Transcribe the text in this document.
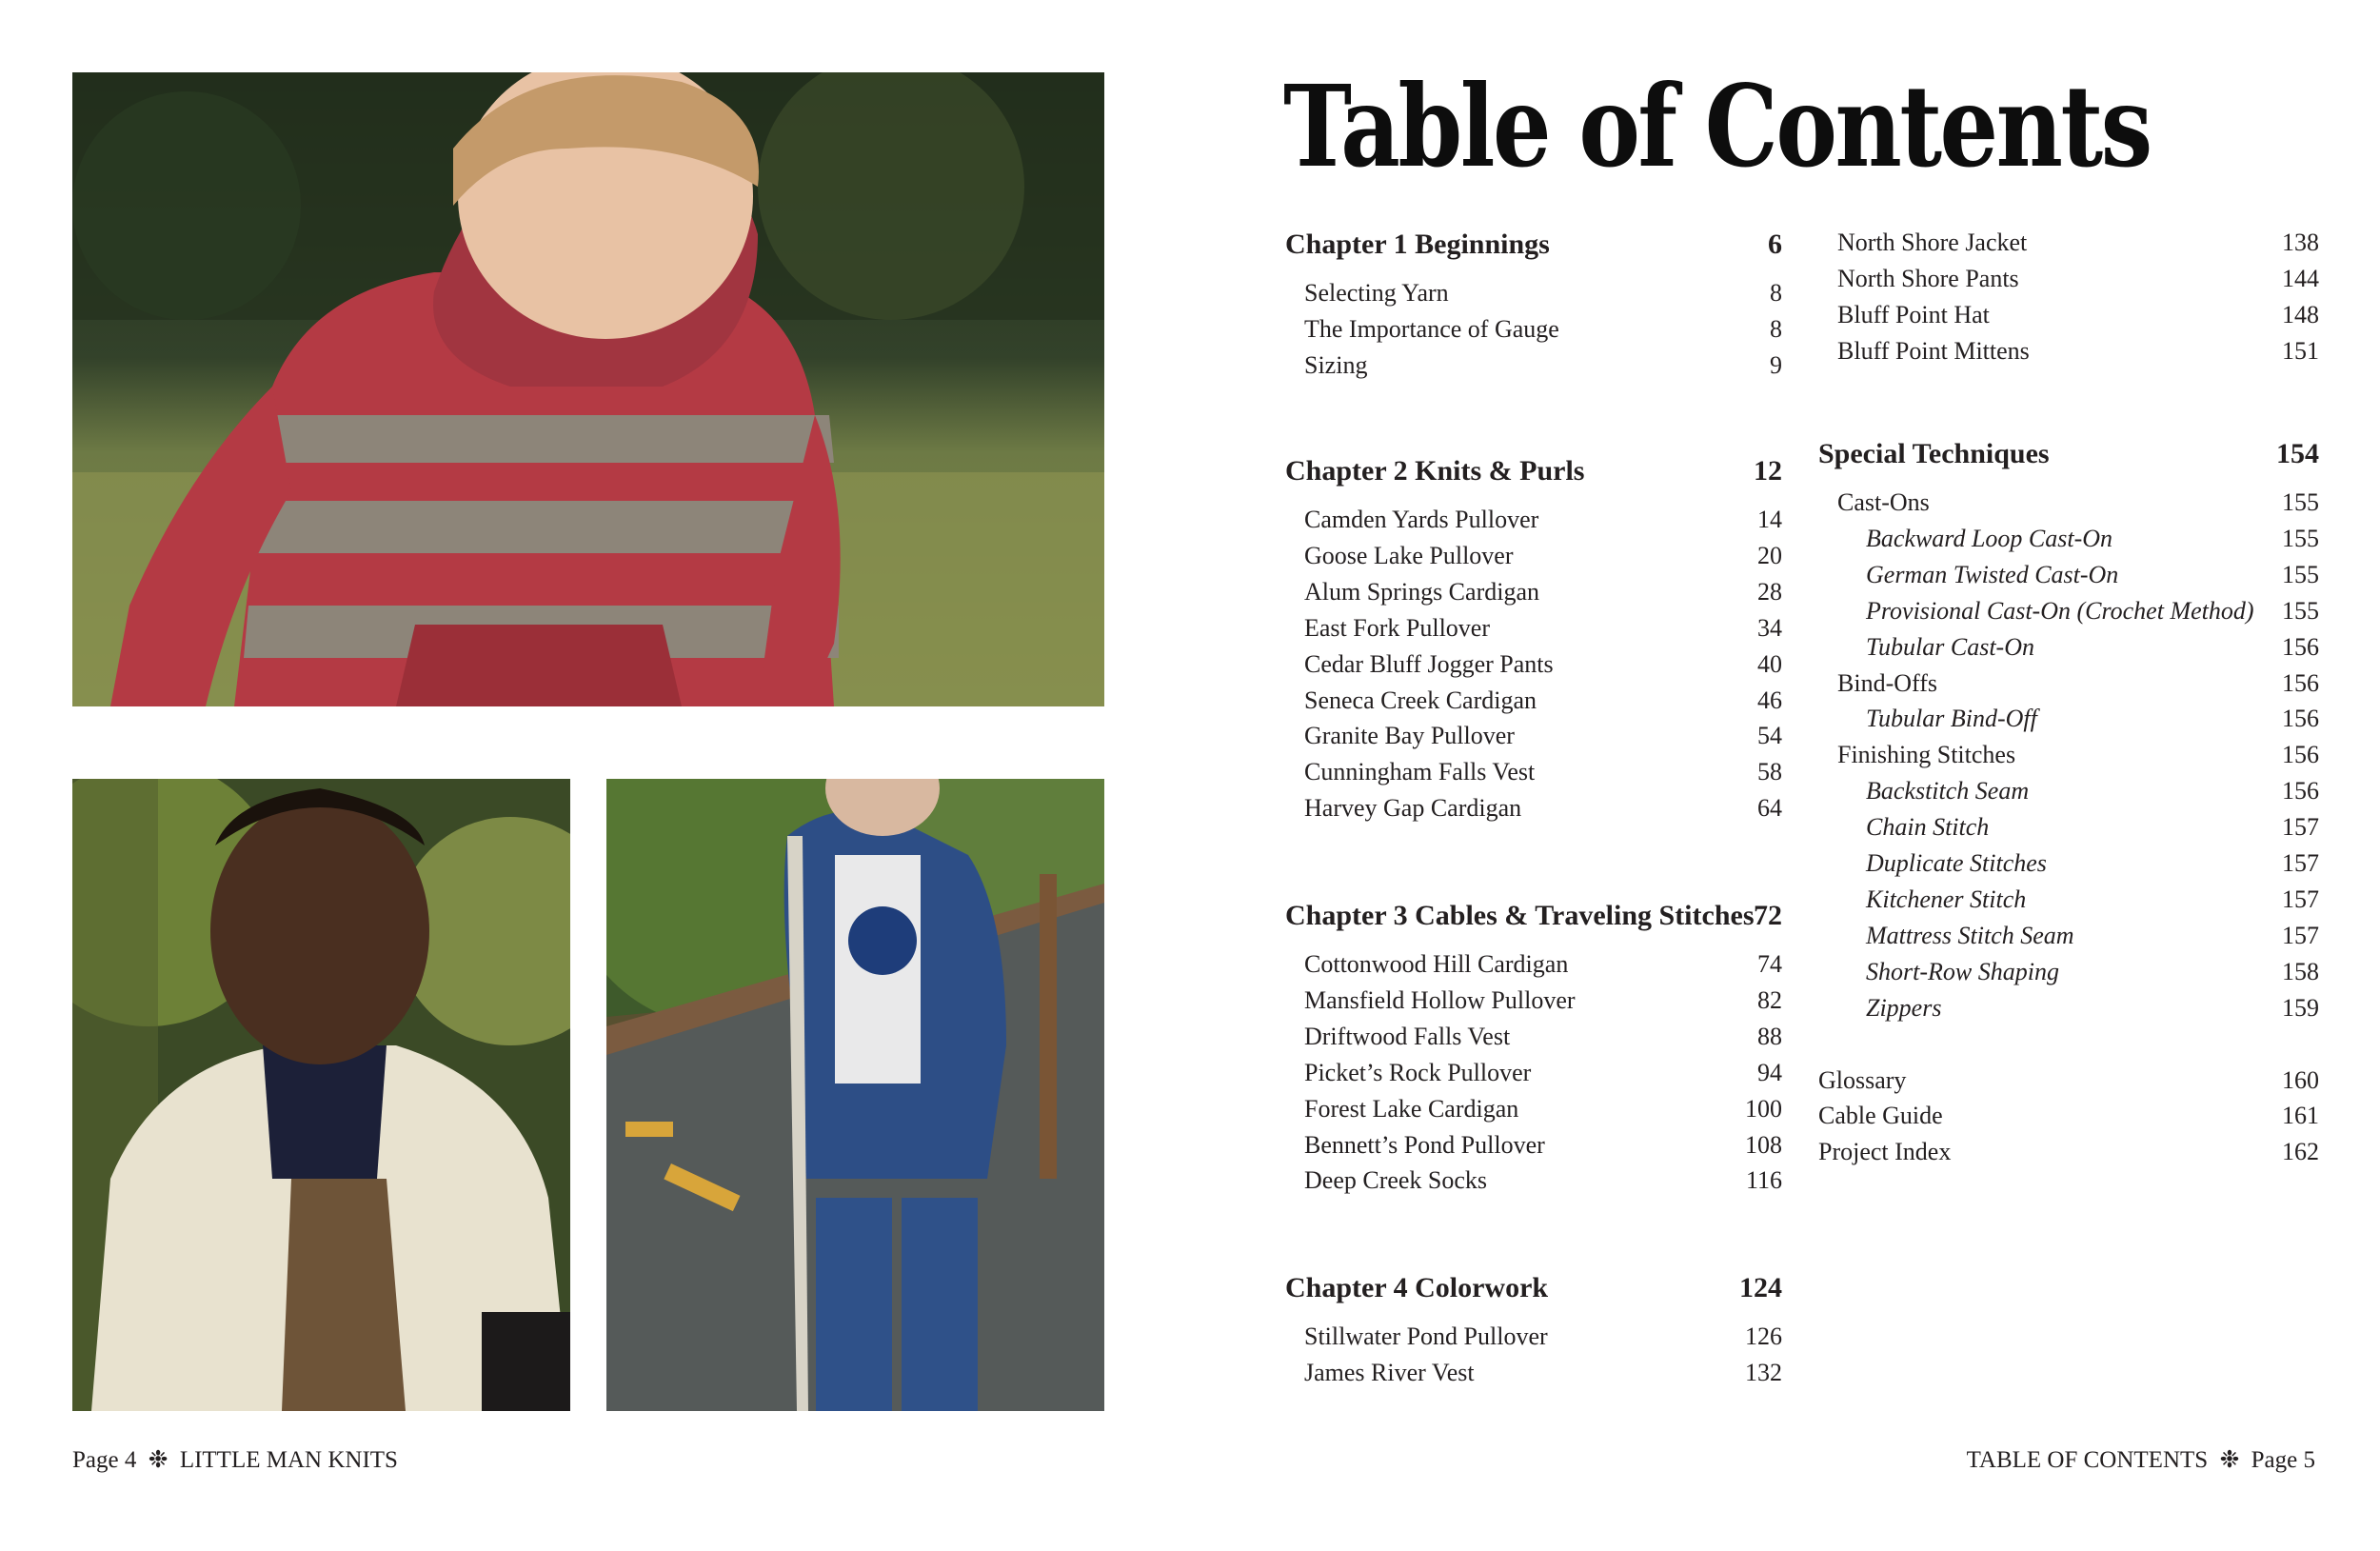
Page 4 ❉ LITTLE MAN KNITS	TABLE OF CONTENTS ❉ Page 5
Table of Contents
Chapter 1 Beginnings	6
Selecting Yarn	8
The Importance of Gauge	8
Sizing	9
Chapter 2 Knits & Purls	12
Camden Yards Pullover	14
Goose Lake Pullover	20
Alum Springs Cardigan	28
East Fork Pullover	34
Cedar Bluff Jogger Pants	40
Seneca Creek Cardigan	46
Granite Bay Pullover	54
Cunningham Falls Vest	58
Harvey Gap Cardigan	64
Chapter 3 Cables & Traveling Stitches 72
Cottonwood Hill Cardigan	74
Mansfield Hollow Pullover	82
Driftwood Falls Vest	88
Picket’s Rock Pullover	94
Forest Lake Cardigan	100
Bennett’s Pond Pullover	108
Deep Creek Socks	116
Chapter 4 Colorwork	124
Stillwater Pond Pullover	126
James River Vest	132
North Shore Jacket	138
North Shore Pants	144
Bluff Point Hat	148
Bluff Point Mittens	151
Special Techniques	154
Cast-Ons	155
Backward Loop Cast-On	155
German Twisted Cast-On	155
Provisional Cast-On (Crochet Method) 155
Tubular Cast-On	156
Bind-Offs	156
Tubular Bind-Off	156
Finishing Stitches	156
Backstitch Seam	156
Chain Stitch	157
Duplicate Stitches	157
Kitchener Stitch	157
Mattress Stitch Seam	157
Short-Row Shaping	158
Zippers	159
Glossary	160
Cable Guide	161
Project Index	162
